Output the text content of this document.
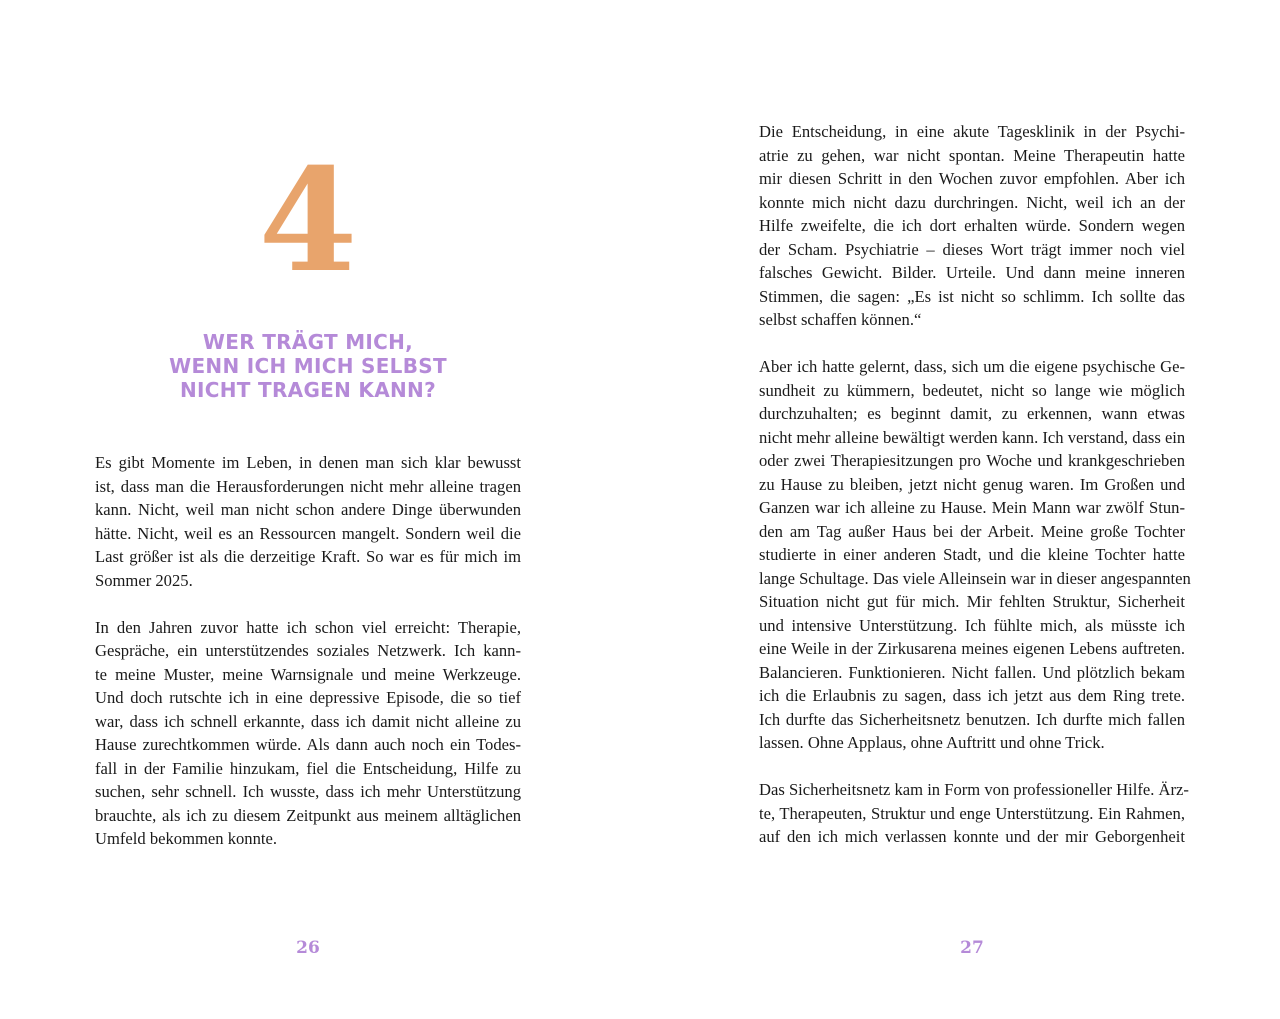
4
WER TRÄGT MICH,
WENN ICH MICH SELBST
NICHT TRAGEN KANN?

Es gibt Momente im Leben, in denen man sich klar bewusst
ist, dass man die Herausforderungen nicht mehr alleine tragen
kann. Nicht, weil man nicht schon andere Dinge überwunden
hätte. Nicht, weil es an Ressourcen mangelt. Sondern weil die
Last größer ist als die derzeitige Kraft. So war es für mich im
Sommer 2025.

In den Jahren zuvor hatte ich schon viel erreicht: Therapie,
Gespräche, ein unterstützendes soziales Netzwerk. Ich kann-
te meine Muster, meine Warnsignale und meine Werkzeuge.
Und doch rutschte ich in eine depressive Episode, die so tief
war, dass ich schnell erkannte, dass ich damit nicht alleine zu
Hause zurechtkommen würde. Als dann auch noch ein Todes-
fall in der Familie hinzukam, fiel die Entscheidung, Hilfe zu
suchen, sehr schnell. Ich wusste, dass ich mehr Unterstützung
brauchte, als ich zu diesem Zeitpunkt aus meinem alltäglichen
Umfeld bekommen konnte.

26

Die Entscheidung, in eine akute Tagesklinik in der Psychi-
atrie zu gehen, war nicht spontan. Meine Therapeutin hatte
mir diesen Schritt in den Wochen zuvor empfohlen. Aber ich
konnte mich nicht dazu durchringen. Nicht, weil ich an der
Hilfe zweifelte, die ich dort erhalten würde. Sondern wegen
der Scham. Psychiatrie – dieses Wort trägt immer noch viel
falsches Gewicht. Bilder. Urteile. Und dann meine inneren
Stimmen, die sagen: „Es ist nicht so schlimm. Ich sollte das
selbst schaffen können.“

Aber ich hatte gelernt, dass, sich um die eigene psychische Ge-
sundheit zu kümmern, bedeutet, nicht so lange wie möglich
durchzuhalten; es beginnt damit, zu erkennen, wann etwas
nicht mehr alleine bewältigt werden kann. Ich verstand, dass ein
oder zwei Therapiesitzungen pro Woche und krankgeschrieben
zu Hause zu bleiben, jetzt nicht genug waren. Im Großen und
Ganzen war ich alleine zu Hause. Mein Mann war zwölf Stun-
den am Tag außer Haus bei der Arbeit. Meine große Tochter
studierte in einer anderen Stadt, und die kleine Tochter hatte
lange Schultage. Das viele Alleinsein war in dieser angespannten
Situation nicht gut für mich. Mir fehlten Struktur, Sicherheit
und intensive Unterstützung. Ich fühlte mich, als müsste ich
eine Weile in der Zirkusarena meines eigenen Lebens auftreten.
Balancieren. Funktionieren. Nicht fallen. Und plötzlich bekam
ich die Erlaubnis zu sagen, dass ich jetzt aus dem Ring trete.
Ich durfte das Sicherheitsnetz benutzen. Ich durfte mich fallen
lassen. Ohne Applaus, ohne Auftritt und ohne Trick.

Das Sicherheitsnetz kam in Form von professioneller Hilfe. Ärz-
te, Therapeuten, Struktur und enge Unterstützung. Ein Rahmen,
auf den ich mich verlassen konnte und der mir Geborgenheit

27
